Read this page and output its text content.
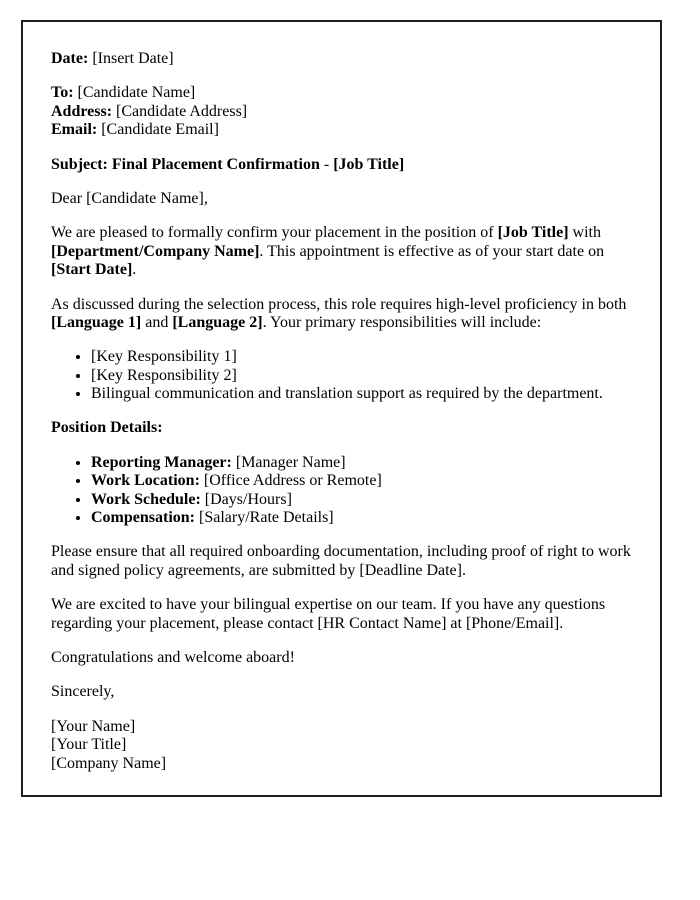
Date: [Insert Date]

To: [Candidate Name]
Address: [Candidate Address]
Email: [Candidate Email]

Subject: Final Placement Confirmation - [Job Title]

Dear [Candidate Name],

We are pleased to formally confirm your placement in the position of [Job Title] with [Department/Company Name]. This appointment is effective as of your start date on [Start Date].

As discussed during the selection process, this role requires high-level proficiency in both [Language 1] and [Language 2]. Your primary responsibilities will include:

• [Key Responsibility 1]
• [Key Responsibility 2]
• Bilingual communication and translation support as required by the department.

Position Details:

• Reporting Manager: [Manager Name]
• Work Location: [Office Address or Remote]
• Work Schedule: [Days/Hours]
• Compensation: [Salary/Rate Details]

Please ensure that all required onboarding documentation, including proof of right to work and signed policy agreements, are submitted by [Deadline Date].

We are excited to have your bilingual expertise on our team. If you have any questions regarding your placement, please contact [HR Contact Name] at [Phone/Email].

Congratulations and welcome aboard!

Sincerely,

[Your Name]
[Your Title]
[Company Name]
